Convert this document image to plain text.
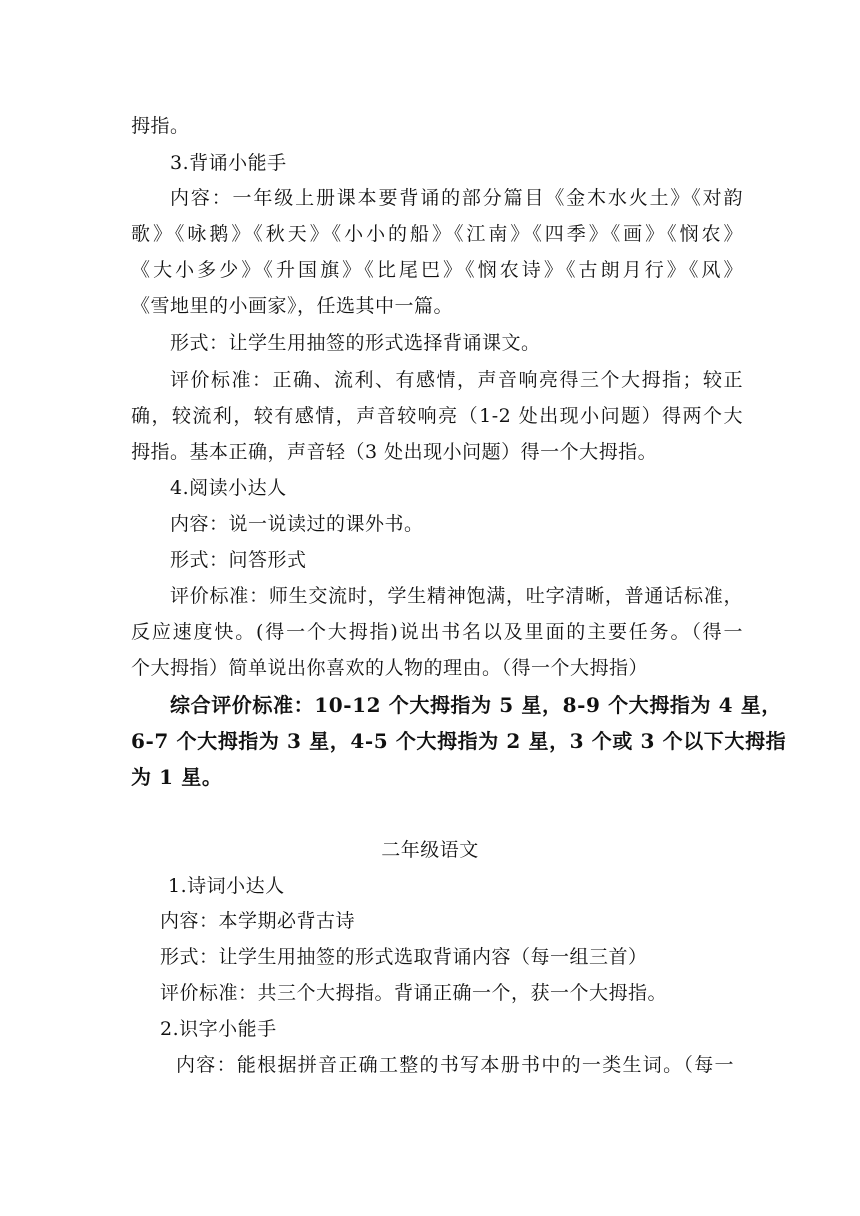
拇指。
3.背诵小能手
内容：一年级上册课本要背诵的部分篇目《金木水火土》《对韵
歌》《咏鹅》《秋天》《小小的船》《江南》《四季》《画》《悯农》
《大小多少》《升国旗》《比尾巴》《悯农诗》《古朗月行》《风》
《雪地里的小画家》，任选其中一篇。
形式：让学生用抽签的形式选择背诵课文。
评价标准：正确、流利、有感情，声音响亮得三个大拇指；较正
确，较流利，较有感情，声音较响亮（1-2 处出现小问题）得两个大
拇指。基本正确，声音轻（3 处出现小问题）得一个大拇指。
4.阅读小达人
内容：说一说读过的课外书。
形式：问答形式
评价标准：师生交流时，学生精神饱满，吐字清晰，普通话标准，
反应速度快。(得一个大拇指)说出书名以及里面的主要任务。（得一
个大拇指）简单说出你喜欢的人物的理由。（得一个大拇指）
综合评价标准：10-12 个大拇指为 5 星，8-9 个大拇指为 4 星，
6-7 个大拇指为 3 星，4-5 个大拇指为 2 星，3 个或 3 个以下大拇指
为 1 星。
二年级语文
1.诗词小达人
内容：本学期必背古诗
形式：让学生用抽签的形式选取背诵内容（每一组三首）
评价标准：共三个大拇指。背诵正确一个，获一个大拇指。
2.识字小能手
内容：能根据拼音正确工整的书写本册书中的一类生词。（每一
